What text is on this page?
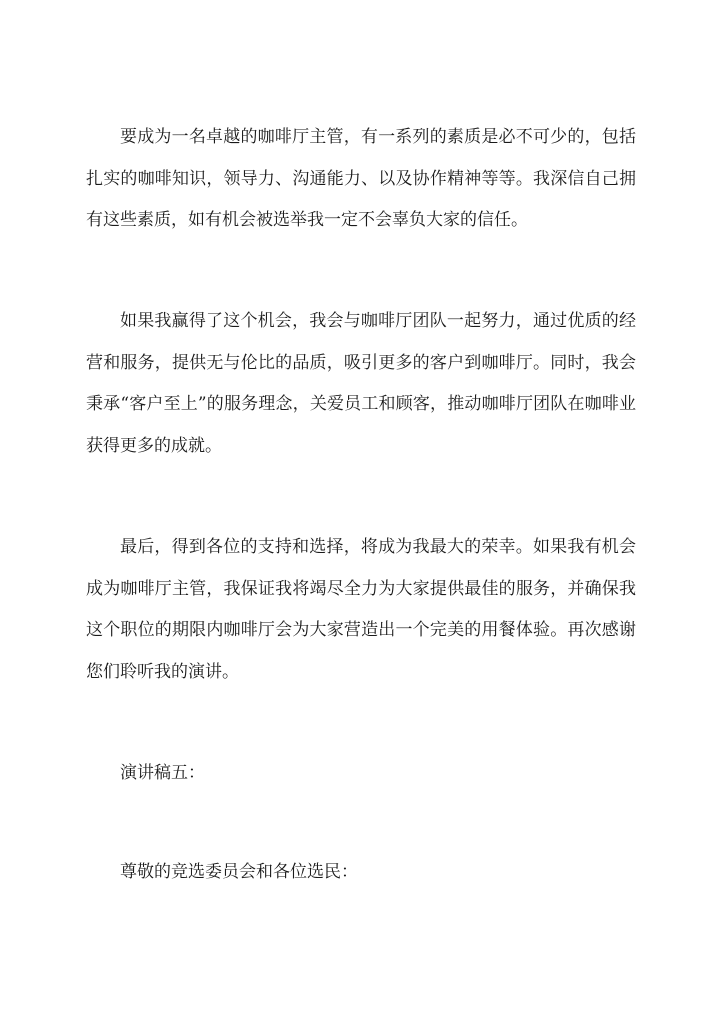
要成为一名卓越的咖啡厅主管，有一系列的素质是必不可少的，包括扎实的咖啡知识，领导力、沟通能力、以及协作精神等等。我深信自己拥有这些素质，如有机会被选举我一定不会辜负大家的信任。

如果我赢得了这个机会，我会与咖啡厅团队一起努力，通过优质的经营和服务，提供无与伦比的品质，吸引更多的客户到咖啡厅。同时，我会秉承“客户至上”的服务理念，关爱员工和顾客，推动咖啡厅团队在咖啡业获得更多的成就。

最后，得到各位的支持和选择，将成为我最大的荣幸。如果我有机会成为咖啡厅主管，我保证我将竭尽全力为大家提供最佳的服务，并确保我这个职位的期限内咖啡厅会为大家营造出一个完美的用餐体验。再次感谢您们聆听我的演讲。

演讲稿五：

尊敬的竞选委员会和各位选民：
